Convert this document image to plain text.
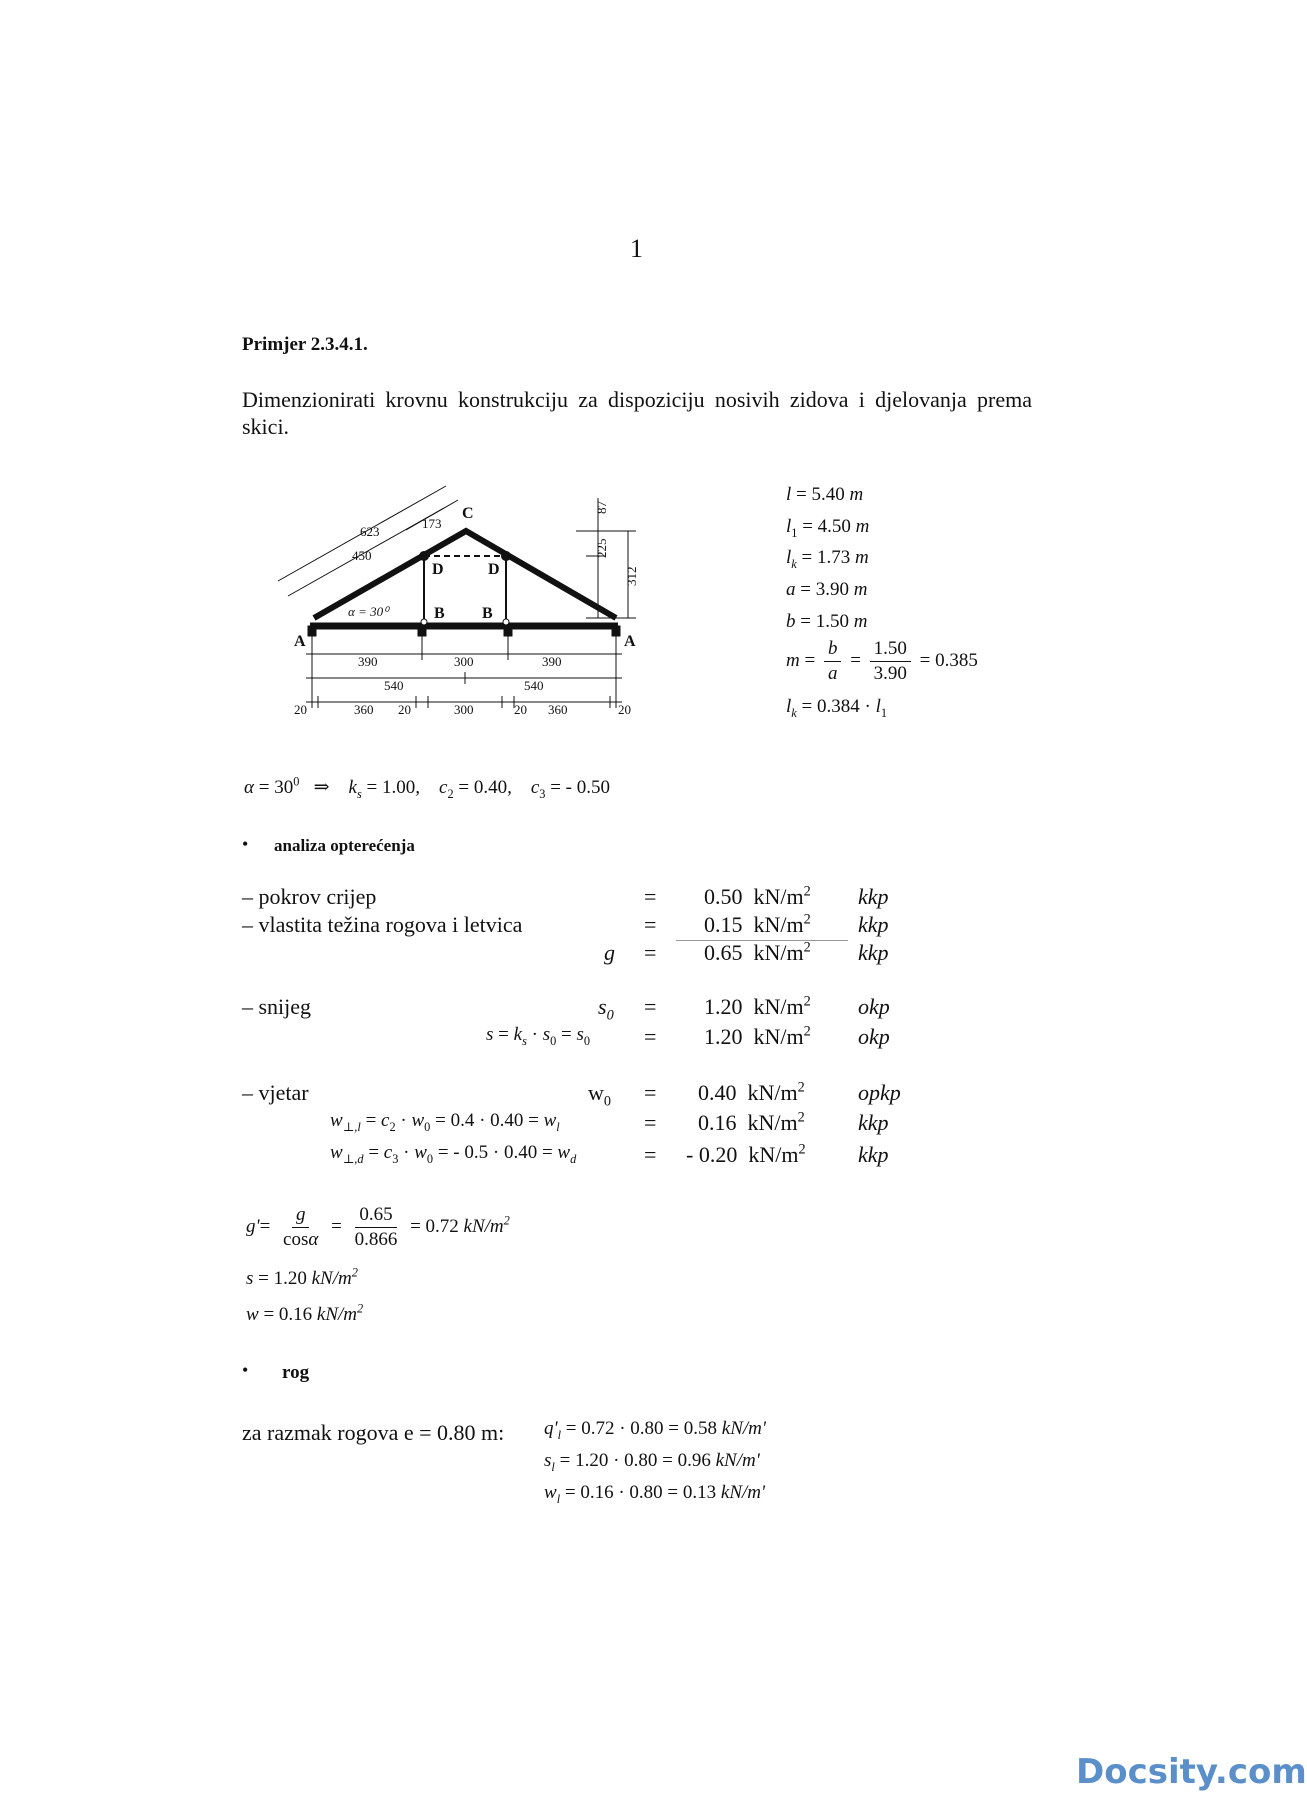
1
Primjer 2.3.4.1.
Dimenzionirati krovnu konstrukciju za dispoziciju nosivih zidova i djelovanja prema skici.
A	A
B B
C
D	D
α = 30⁰
623
450
173
87
225
312
390	300	390
540	540
20	360 20	300	20 360	20
l = 5.40 m
$l_1 = 4.50$ m
$l_k = 1.73$ m
a = 3.90 m
b = 1.50 m
$m = \frac{b}{a} = \frac{1.50}{3.90} = 0.385$
$l_k = 0.384 \cdot l_1$
$\alpha = 30^0$   ⇒    $k_s = 1.00$, $c_2 = 0.40$, $c_3$ = - 0.50
• analiza opterećenja
– pokrov crijep	= 0.50 $kN/m^2$ kkp
– vlastita težina rogova i letvica	= 0.15 $kN/m^2$ kkp
g = 0.65 $kN/m^2$ kkp
– snijeg	$s_0 = 1.20$ $kN/m^2$ okp
$s = k_s \cdot s_0 = s_0 = 1.20$ $kN/m^2$ okp
– vjetar	$w_0 = 0.40$ $kN/m^2$ opkp
$w_{\perp,l} = c_2 \cdot w_0 = 0.4 \cdot 0.40 = w_l$	= 0.16 $kN/m^2$ kkp
$w_{\perp,d} = c_3 \cdot w_0$ = - $0.5 \cdot 0.40 = w_d$	= - 0.20 $kN/m^2$ kkp
$g'= \frac{g}{\cos\alpha} = \frac{0.65}{0.866} = 0.72$ $kN/m^2$
s = 1.20 $kN/m^2$
w = 0.16 $kN/m^2$
• rog
za razmak rogova e = 0.80 m: $q'_l = 0.72 \cdot 0.80 = 0.58$ kN/m'
$s_l = 1.20 \cdot 0.80 = 0.96$ kN/m'
$w_l = 0.16 \cdot 0.80 = 0.13$ kN/m'
Docsity.com
